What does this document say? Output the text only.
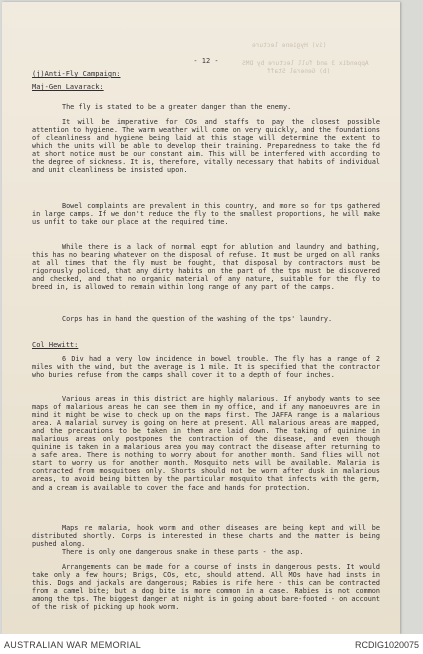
(iv) Hygiene lecture
Appendix 3 and full lecture by DMS
(b) General Staff
- 12 -
(j)Anti-Fly Campaign:
Maj-Gen Lavarack:
The fly is stated to be a greater danger than the enemy.
It will be imperative for COs and staffs to pay the closest possible attention to hygiene. The warm weather will come on very quickly, and the foundations of cleanliness and hygiene being laid at this stage will determine the extent to which the units will be able to develop their training. Preparedness to take the fd at short notice must be our constant aim. This will be interfered with according to the degree of sickness. It is, therefore, vitally necessary that habits of individual and unit cleanliness be insisted upon.
Bowel complaints are prevalent in this country, and more so for tps gathered in large camps. If we don't reduce the fly to the smallest proportions, he will make us unfit to take our place at the required time.
While there is a lack of normal eqpt for ablution and laundry and bathing, this has no bearing whatever on the disposal of refuse. It must be urged on all ranks at all times that the fly must be fought, that disposal by contractors must be rigorously policed, that any dirty habits on the part of the tps must be discovered and checked, and that no organic material of any nature, suitable for the fly to breed in, is allowed to remain within long range of any part of the camps.
Corps has in hand the question of the washing of the tps' laundry.
Col Hewitt:
6 Div had a very low incidence in bowel trouble. The fly has a range of 2 miles with the wind, but the average is 1 mile. It is specified that the contractor who buries refuse from the camps shall cover it to a depth of four inches.
Various areas in this district are highly malarious. If anybody wants to see maps of malarious areas he can see them in my office, and if any manoeuvres are in mind it might be wise to check up on the maps first. The JAFFA range is a malarious area. A malarial survey is going on here at present. All malarious areas are mapped, and the precautions to be taken in them are laid down. The taking of quinine in malarious areas only postpones the contraction of the disease, and even though quinine is taken in a malarious area you may contract the disease after returning to a safe area. There is nothing to worry about for another month. Sand flies will not start to worry us for another month. Mosquito nets will be available. Malaria is contracted from mosquitoes only. Shorts should not be worn after dusk in malarious areas, to avoid being bitten by the particular mosquito that infects with the germ, and a cream is available to cover the face and hands for protection.
Maps re malaria, hook worm and other diseases are being kept and will be distributed shortly. Corps is interested in these charts and the matter is being pushed along.
There is only one dangerous snake in these parts - the asp.
Arrangements can be made for a course of insts in dangerous pests. It would take only a few hours; Brigs, COs, etc, should attend. All MOs have had insts in this. Dogs and jackals are dangerous; Rabies is rife here - this can be contracted from a camel bite; but a dog bite is more common in a case. Rabies is not common among the tps. The biggest danger at night is in going about bare-footed - on account of the risk of picking up hook worm.
AUSTRALIAN WAR MEMORIAL	RCDIG1020075
